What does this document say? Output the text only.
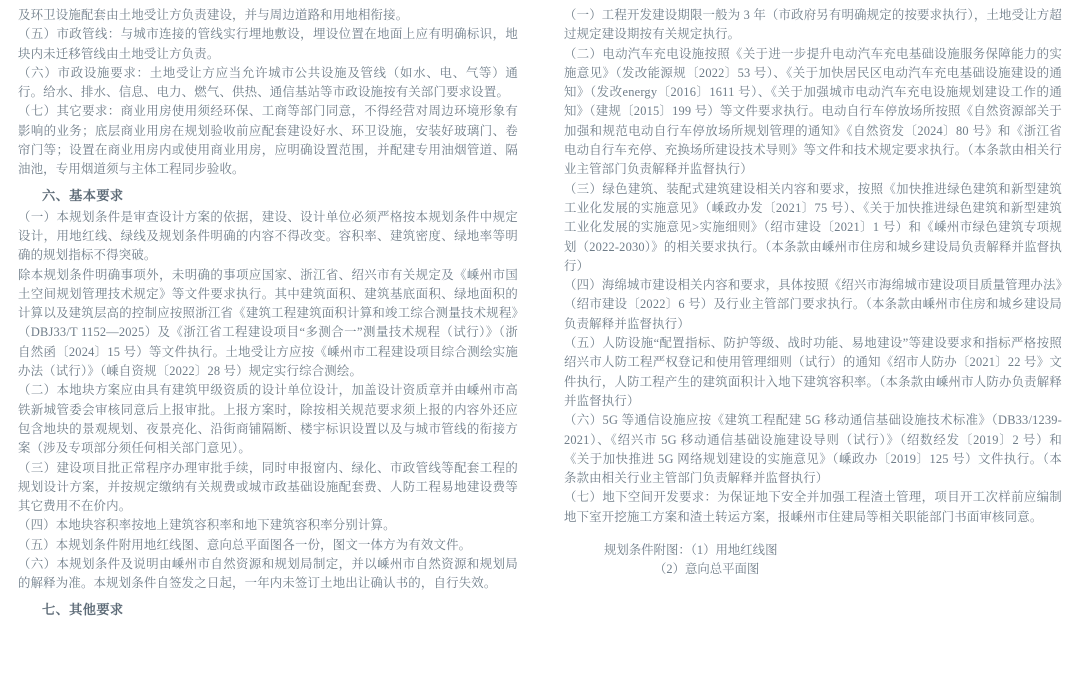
及环卫设施配套由土地受让方负责建设，并与周边道路和用地相衔接。

（五）市政管线：与城市连接的管线实行埋地敷设，埋设位置在地面上应有明确标识，地块内未迁移管线由土地受让方负责。

（六）市政设施要求：土地受让方应当允许城市公共设施及管线（如水、电、气等）通行。给水、排水、信息、电力、燃气、供热、通信基站等市政设施按有关部门要求设置。

（七）其它要求：商业用房使用须经环保、工商等部门同意，不得经营对周边环境形象有影响的业务；底层商业用房在规划验收前应配套建设好水、环卫设施，安装好玻璃门、卷帘门等；设置在商业用房内或使用商业用房，应明确设置范围，并配建专用油烟管道、隔油池，专用烟道须与主体工程同步验收。

六、基本要求

（一）本规划条件是审查设计方案的依据，建设、设计单位必须严格按本规划条件中规定设计，用地红线、绿线及规划条件明确的内容不得改变。容积率、建筑密度、绿地率等明确的规划指标不得突破。

除本规划条件明确事项外，未明确的事项应国家、浙江省、绍兴市有关规定及《嵊州市国土空间规划管理技术规定》等文件要求执行。其中建筑面积、建筑基底面积、绿地面积的计算以及建筑层高的控制应按照浙江省《建筑工程建筑面积计算和竣工综合测量技术规程》（DBJ33/T 1152—2025）及《浙江省工程建设项目“多测合一”测量技术规程（试行）》（浙自然函〔2024〕15 号）等文件执行。土地受让方应按《嵊州市工程建设项目综合测绘实施办法（试行）》（嵊自资规〔2022〕28 号）规定实行综合测绘。

（二）本地块方案应由具有建筑甲级资质的设计单位设计，加盖设计资质章并由嵊州市高铁新城管委会审核同意后上报审批。上报方案时，除按相关规范要求须上报的内容外还应包含地块的景观规划、夜景亮化、沿街商铺隔断、楼宇标识设置以及与城市管线的衔接方案（涉及专项部分须任何相关部门意见）。

（三）建设项目批正常程序办理审批手续，同时申报窗内、绿化、市政管线等配套工程的规划设计方案，并按规定缴纳有关规费或城市政基础设施配套费、人防工程易地建设费等其它费用不在价内。

（四）本地块容积率按地上建筑容积率和地下建筑容积率分别计算。

（五）本规划条件附用地红线图、意向总平面图各一份，图文一体方为有效文件。

（六）本规划条件及说明由嵊州市自然资源和规划局制定，并以嵊州市自然资源和规划局的解释为准。本规划条件自签发之日起，一年内未签订土地出让确认书的，自行失效。

七、其他要求

（一）工程开发建设期限一般为 3 年（市政府另有明确规定的按要求执行），土地受让方超过规定建设期按有关规定执行。

（二）电动汽车充电设施按照《关于进一步提升电动汽车充电基础设施服务保障能力的实施意见》（发改能源规〔2022〕53 号）、《关于加快居民区电动汽车充电基础设施建设的通知》（发改energy〔2016〕1611 号）、《关于加强城市电动汽车充电设施规划建设工作的通知》（建规〔2015〕199 号）等文件要求执行。电动自行车停放场所按照《自然资源部关于加强和规范电动自行车停放场所规划管理的通知》《自然资发〔2024〕80 号》和《浙江省电动自行车充停、充换场所建设技术导则》等文件和技术规定要求执行。（本条款由相关行业主管部门负责解释并监督执行）

（三）绿色建筑、装配式建筑建设相关内容和要求，按照《加快推进绿色建筑和新型建筑工业化发展的实施意见》（嵊政办发〔2021〕75 号）、《关于加快推进绿色建筑和新型建筑工业化发展的实施意见>实施细则》（绍市建设〔2021〕1 号）和《嵊州市绿色建筑专项规划（2022-2030）》的相关要求执行。（本条款由嵊州市住房和城乡建设局负责解释并监督执行）

（四）海绵城市建设相关内容和要求，具体按照《绍兴市海绵城市建设项目质量管理办法》（绍市建设〔2022〕6 号）及行业主管部门要求执行。（本条款由嵊州市住房和城乡建设局负责解释并监督执行）

（五）人防设施“配置指标、防护等级、战时功能、易地建设”等建设要求和指标严格按照绍兴市人防工程严权登记和使用管理细则（试行）的通知《绍市人防办〔2021〕22 号》文件执行，人防工程产生的建筑面积计入地下建筑容积率。（本条款由嵊州市人防办负责解释并监督执行）

（六）5G 等通信设施应按《建筑工程配建 5G 移动通信基础设施技术标准》（DB33/1239-2021）、《绍兴市 5G 移动通信基础设施建设导则（试行）》（绍数经发〔2019〕2 号）和《关于加快推进 5G 网络规划建设的实施意见》（嵊政办〔2019〕125 号）文件执行。（本条款由相关行业主管部门负责解释并监督执行）

（七）地下空间开发要求：为保证地下安全并加强工程渣土管理，项目开工次样前应编制地下室开挖施工方案和渣土转运方案，报嵊州市住建局等相关职能部门书面审核同意。

规划条件附图：（1）用地红线图

（2）意向总平面图
